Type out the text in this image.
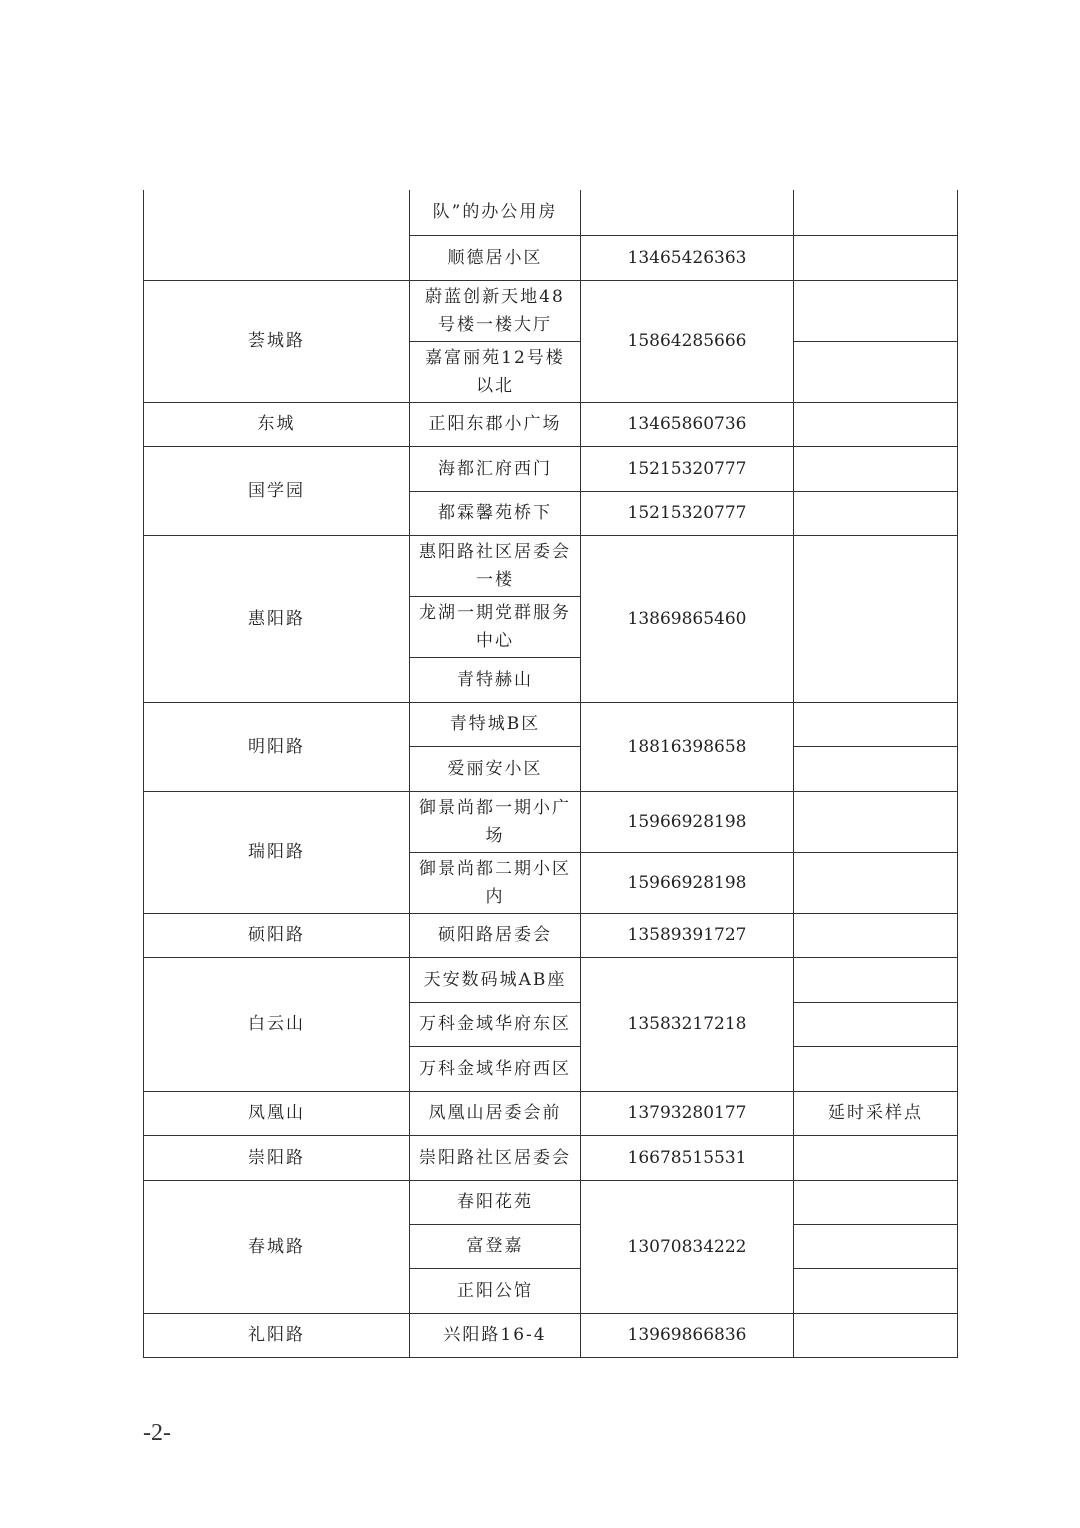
	队”的办公用房		
	顺德居小区	13465426363	
荟城路	蔚蓝创新天地48号楼一楼大厅	15864285666	
	嘉富丽苑12号楼以北		
东城	正阳东郡小广场	13465860736	
国学园	海都汇府西门	15215320777	
	都霖馨苑桥下	15215320777	
惠阳路	惠阳路社区居委会一楼	13869865460	
	龙湖一期党群服务中心		
	青特赫山		
明阳路	青特城B区	18816398658	
	爱丽安小区		
瑞阳路	御景尚都一期小广场	15966928198	
	御景尚都二期小区内	15966928198	
硕阳路	硕阳路居委会	13589391727	
白云山	天安数码城AB座	13583217218	
	万科金域华府东区		
	万科金域华府西区		
凤凰山	凤凰山居委会前	13793280177	延时采样点
崇阳路	崇阳路社区居委会	16678515531	
春城路	春阳花苑	13070834222	
	富登嘉		
	正阳公馆		
礼阳路	兴阳路16-4	13969866836	
-2-
